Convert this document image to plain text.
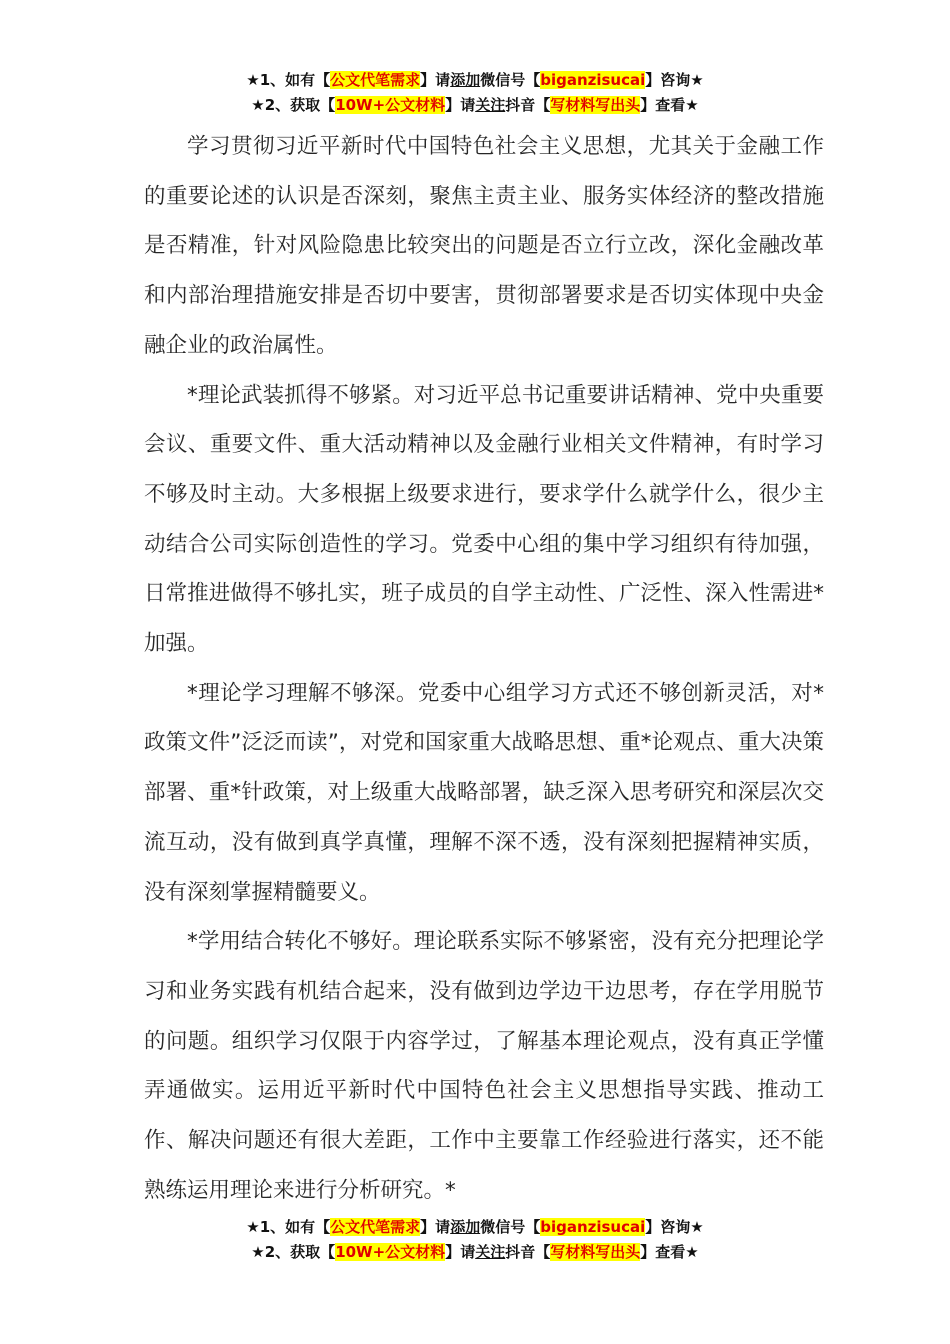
★1、如有【公文代笔需求】请添加微信号【biganzisucai】咨询★
★2、获取【10W+公文材料】请关注抖音【写材料写出头】查看★

学习贯彻习近平新时代中国特色社会主义思想，尤其关于金融工作的重要论述的认识是否深刻，聚焦主责主业、服务实体经济的整改措施是否精准，针对风险隐患比较突出的问题是否立行立改，深化金融改革和内部治理措施安排是否切中要害，贯彻部署要求是否切实体现中央金融企业的政治属性。

*理论武装抓得不够紧。对习近平总书记重要讲话精神、党中央重要会议、重要文件、重大活动精神以及金融行业相关文件精神，有时学习不够及时主动。大多根据上级要求进行，要求学什么就学什么，很少主动结合公司实际创造性的学习。党委中心组的集中学习组织有待加强，日常推进做得不够扎实，班子成员的自学主动性、广泛性、深入性需进*加强。

*理论学习理解不够深。党委中心组学习方式还不够创新灵活，对*政策文件”泛泛而读”，对党和国家重大战略思想、重*论观点、重大决策部署、重*针政策，对上级重大战略部署，缺乏深入思考研究和深层次交流互动，没有做到真学真懂，理解不深不透，没有深刻把握精神实质，没有深刻掌握精髓要义。

*学用结合转化不够好。理论联系实际不够紧密，没有充分把理论学习和业务实践有机结合起来，没有做到边学边干边思考，存在学用脱节的问题。组织学习仅限于内容学过，了解基本理论观点，没有真正学懂弄通做实。运用近平新时代中国特色社会主义思想指导实践、推动工作、解决问题还有很大差距，工作中主要靠工作经验进行落实，还不能熟练运用理论来进行分析研究。*

★1、如有【公文代笔需求】请添加微信号【biganzisucai】咨询★
★2、获取【10W+公文材料】请关注抖音【写材料写出头】查看★
